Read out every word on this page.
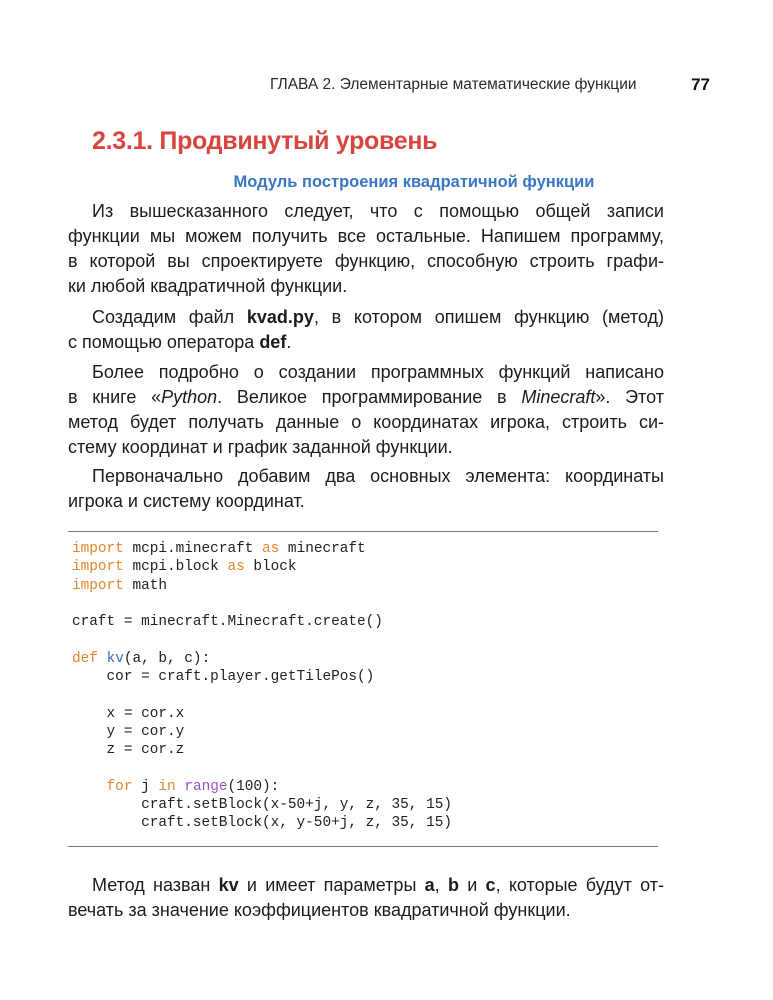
ГЛАВА 2. Элементарные математические функции	77
2.3.1. Продвинутый уровень
Модуль построения квадратичной функции
Из вышесказанного следует, что с помощью общей записи
функции мы можем получить все остальные. Напишем программу,
в которой вы спроектируете функцию, способную строить графи-
ки любой квадратичной функции.
Создадим файл kvad.py, в котором опишем функцию (метод)
с помощью оператора def.
Более подробно о создании программных функций написано
в книге «Python. Великое программирование в Minecraft». Этот
метод будет получать данные о координатах игрока, строить си-
стему координат и график заданной функции.
Первоначально добавим два основных элемента: координаты
игрока и систему координат.
import mcpi.minecraft as minecraft
import mcpi.block as block
import math

craft = minecraft.Minecraft.create()

def kv(a, b, c):
cor = craft.player.getTilePos()

x = cor.x
y = cor.y
z = cor.z

for j in range(100):
craft.setBlock(x-50+j, y, z, 35, 15)
craft.setBlock(x, y-50+j, z, 35, 15)
Метод назван kv и имеет параметры a, b и c, которые будут от-
вечать за значение коэффициентов квадратичной функции.
